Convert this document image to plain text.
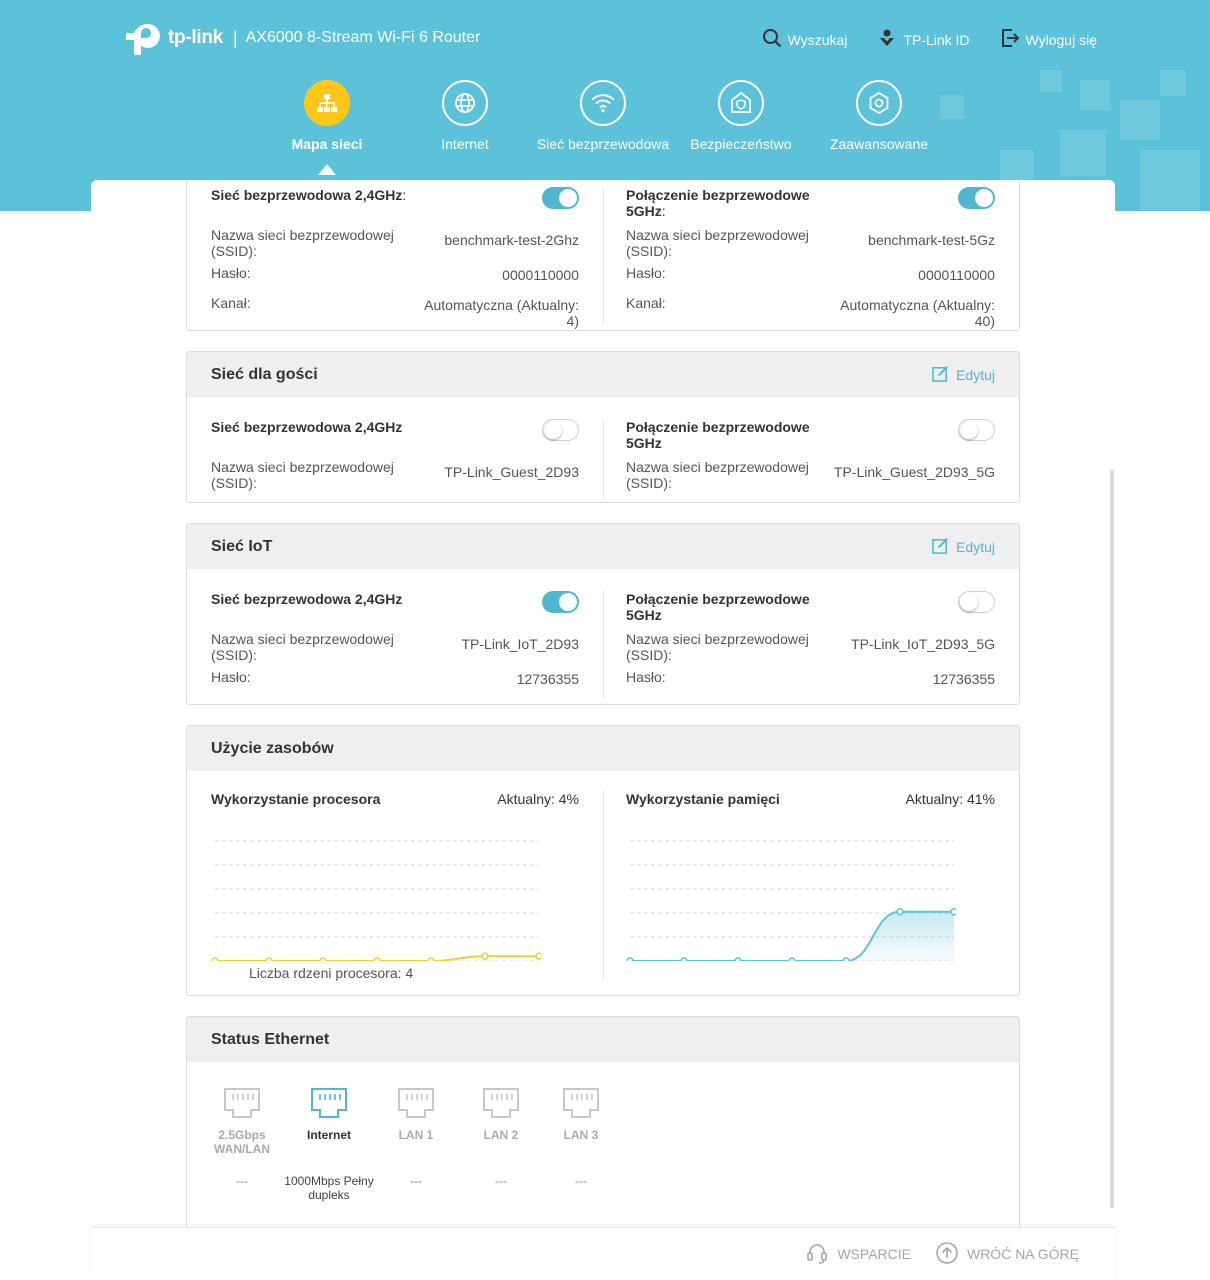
tp-link | AX6000 8-Stream Wi-Fi 6 Router	Wyszukaj	TP-Link ID	Wyloguj się
Mapa sieci	Internet	Sieć bezprzewodowa	Bezpieczeństwo	Zaawansowane
Sieć bezprzewodowa 2,4GHz:
Nazwa sieci bezprzewodowej (SSID):
benchmark-test-2Ghz
Hasło:	0000110000
Kanał:	Automatyczna (Aktualny: 4)
Połączenie bezprzewodowe 5GHz:
Nazwa sieci bezprzewodowej (SSID):
benchmark-test-5Gz
Hasło:	0000110000
Kanał:	Automatyczna (Aktualny: 40)
Sieć dla gości	Edytuj
Sieć bezprzewodowa 2,4GHz
Nazwa sieci bezprzewodowej (SSID):
TP-Link_Guest_2D93
Połączenie bezprzewodowe 5GHz
Nazwa sieci bezprzewodowej (SSID):
TP-Link_Guest_2D93_5G
Sieć IoT	Edytuj
Sieć bezprzewodowa 2,4GHz
Nazwa sieci bezprzewodowej (SSID):
TP-Link_IoT_2D93
Hasło:	12736355
Połączenie bezprzewodowe 5GHz
Nazwa sieci bezprzewodowej (SSID):
TP-Link_IoT_2D93_5G
Hasło:	12736355
Użycie zasobów
Wykorzystanie procesora	Aktualny: 4%
Liczba rdzeni procesora: 4
Wykorzystanie pamięci	Aktualny: 41%
Status Ethernet
2.5Gbps WAN/LAN
---
Internet
1000Mbps Pełny dupleks
LAN 1
---
LAN 2
---
LAN 3
---
WSPARCIE	WRÓĆ NA GÓRĘ
